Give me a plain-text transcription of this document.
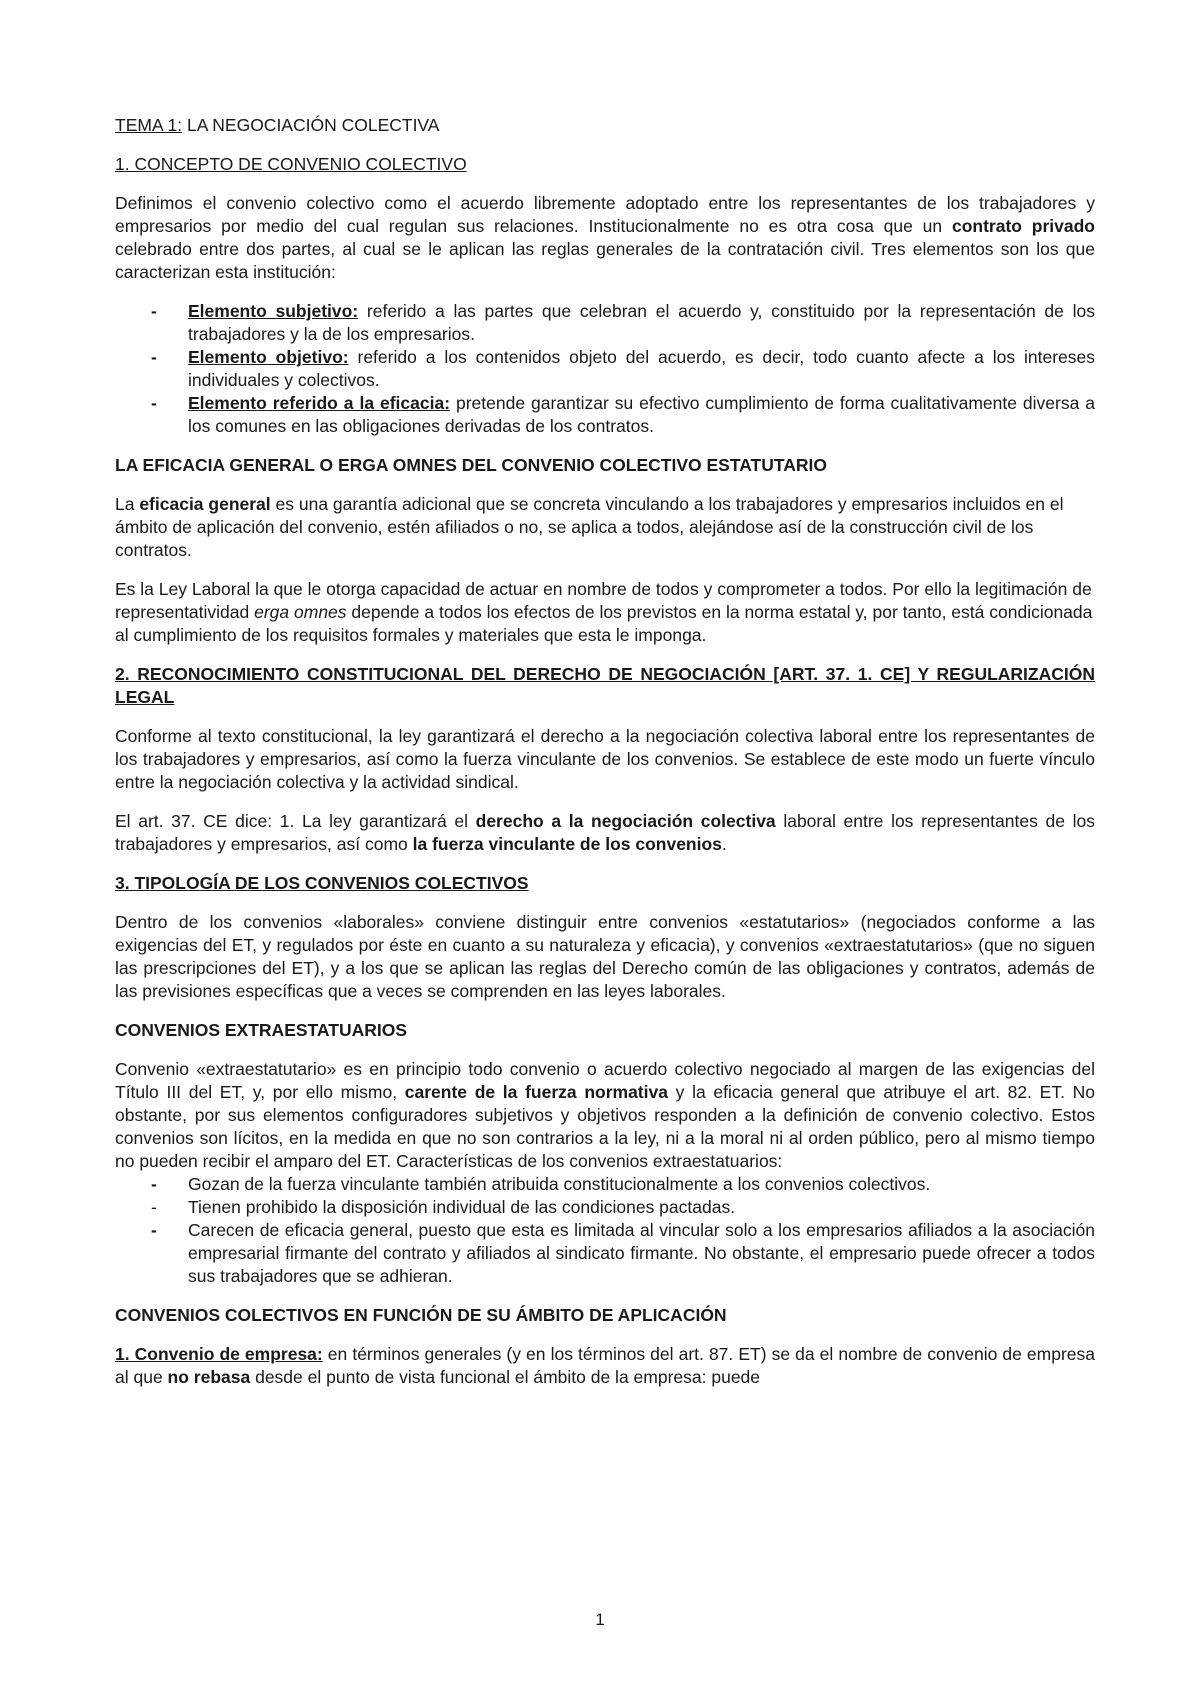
TEMA 1: LA NEGOCIACIÓN COLECTIVA

1. CONCEPTO DE CONVENIO COLECTIVO

Definimos el convenio colectivo como el acuerdo libremente adoptado entre los representantes de los trabajadores y empresarios por medio del cual regulan sus relaciones. Institucionalmente no es otra cosa que un contrato privado celebrado entre dos partes, al cual se le aplican las reglas generales de la contratación civil. Tres elementos son los que caracterizan esta institución:

- Elemento subjetivo: referido a las partes que celebran el acuerdo y, constituido por la representación de los trabajadores y la de los empresarios.
- Elemento objetivo: referido a los contenidos objeto del acuerdo, es decir, todo cuanto afecte a los intereses individuales y colectivos.
- Elemento referido a la eficacia: pretende garantizar su efectivo cumplimiento de forma cualitativamente diversa a los comunes en las obligaciones derivadas de los contratos.

LA EFICACIA GENERAL O ERGA OMNES DEL CONVENIO COLECTIVO ESTATUTARIO

La eficacia general es una garantía adicional que se concreta vinculando a los trabajadores y empresarios incluidos en el ámbito de aplicación del convenio, estén afiliados o no, se aplica a todos, alejándose así de la construcción civil de los contratos.

Es la Ley Laboral la que le otorga capacidad de actuar en nombre de todos y comprometer a todos. Por ello la legitimación de representatividad erga omnes depende a todos los efectos de los previstos en la norma estatal y, por tanto, está condicionada al cumplimiento de los requisitos formales y materiales que esta le imponga.

2. RECONOCIMIENTO CONSTITUCIONAL DEL DERECHO DE NEGOCIACIÓN [ART. 37. 1. CE] Y REGULARIZACIÓN LEGAL

Conforme al texto constitucional, la ley garantizará el derecho a la negociación colectiva laboral entre los representantes de los trabajadores y empresarios, así como la fuerza vinculante de los convenios. Se establece de este modo un fuerte vínculo entre la negociación colectiva y la actividad sindical.

El art. 37. CE dice: 1. La ley garantizará el derecho a la negociación colectiva laboral entre los representantes de los trabajadores y empresarios, así como la fuerza vinculante de los convenios.

3. TIPOLOGÍA DE LOS CONVENIOS COLECTIVOS

Dentro de los convenios «laborales» conviene distinguir entre convenios «estatutarios» (negociados conforme a las exigencias del ET, y regulados por éste en cuanto a su naturaleza y eficacia), y convenios «extraestatutarios» (que no siguen las prescripciones del ET), y a los que se aplican las reglas del Derecho común de las obligaciones y contratos, además de las previsiones específicas que a veces se comprenden en las leyes laborales.

CONVENIOS EXTRAESTATUARIOS

Convenio «extraestatutario» es en principio todo convenio o acuerdo colectivo negociado al margen de las exigencias del Título III del ET, y, por ello mismo, carente de la fuerza normativa y la eficacia general que atribuye el art. 82. ET. No obstante, por sus elementos configuradores subjetivos y objetivos responden a la definición de convenio colectivo. Estos convenios son lícitos, en la medida en que no son contrarios a la ley, ni a la moral ni al orden público, pero al mismo tiempo no pueden recibir el amparo del ET. Características de los convenios extraestatuarios:

- Gozan de la fuerza vinculante también atribuida constitucionalmente a los convenios colectivos.
- Tienen prohibido la disposición individual de las condiciones pactadas.
- Carecen de eficacia general, puesto que esta es limitada al vincular solo a los empresarios afiliados a la asociación empresarial firmante del contrato y afiliados al sindicato firmante. No obstante, el empresario puede ofrecer a todos sus trabajadores que se adhieran.

CONVENIOS COLECTIVOS EN FUNCIÓN DE SU ÁMBITO DE APLICACIÓN

1. Convenio de empresa: en términos generales (y en los términos del art. 87. ET) se da el nombre de convenio de empresa al que no rebasa desde el punto de vista funcional el ámbito de la empresa: puede

1
